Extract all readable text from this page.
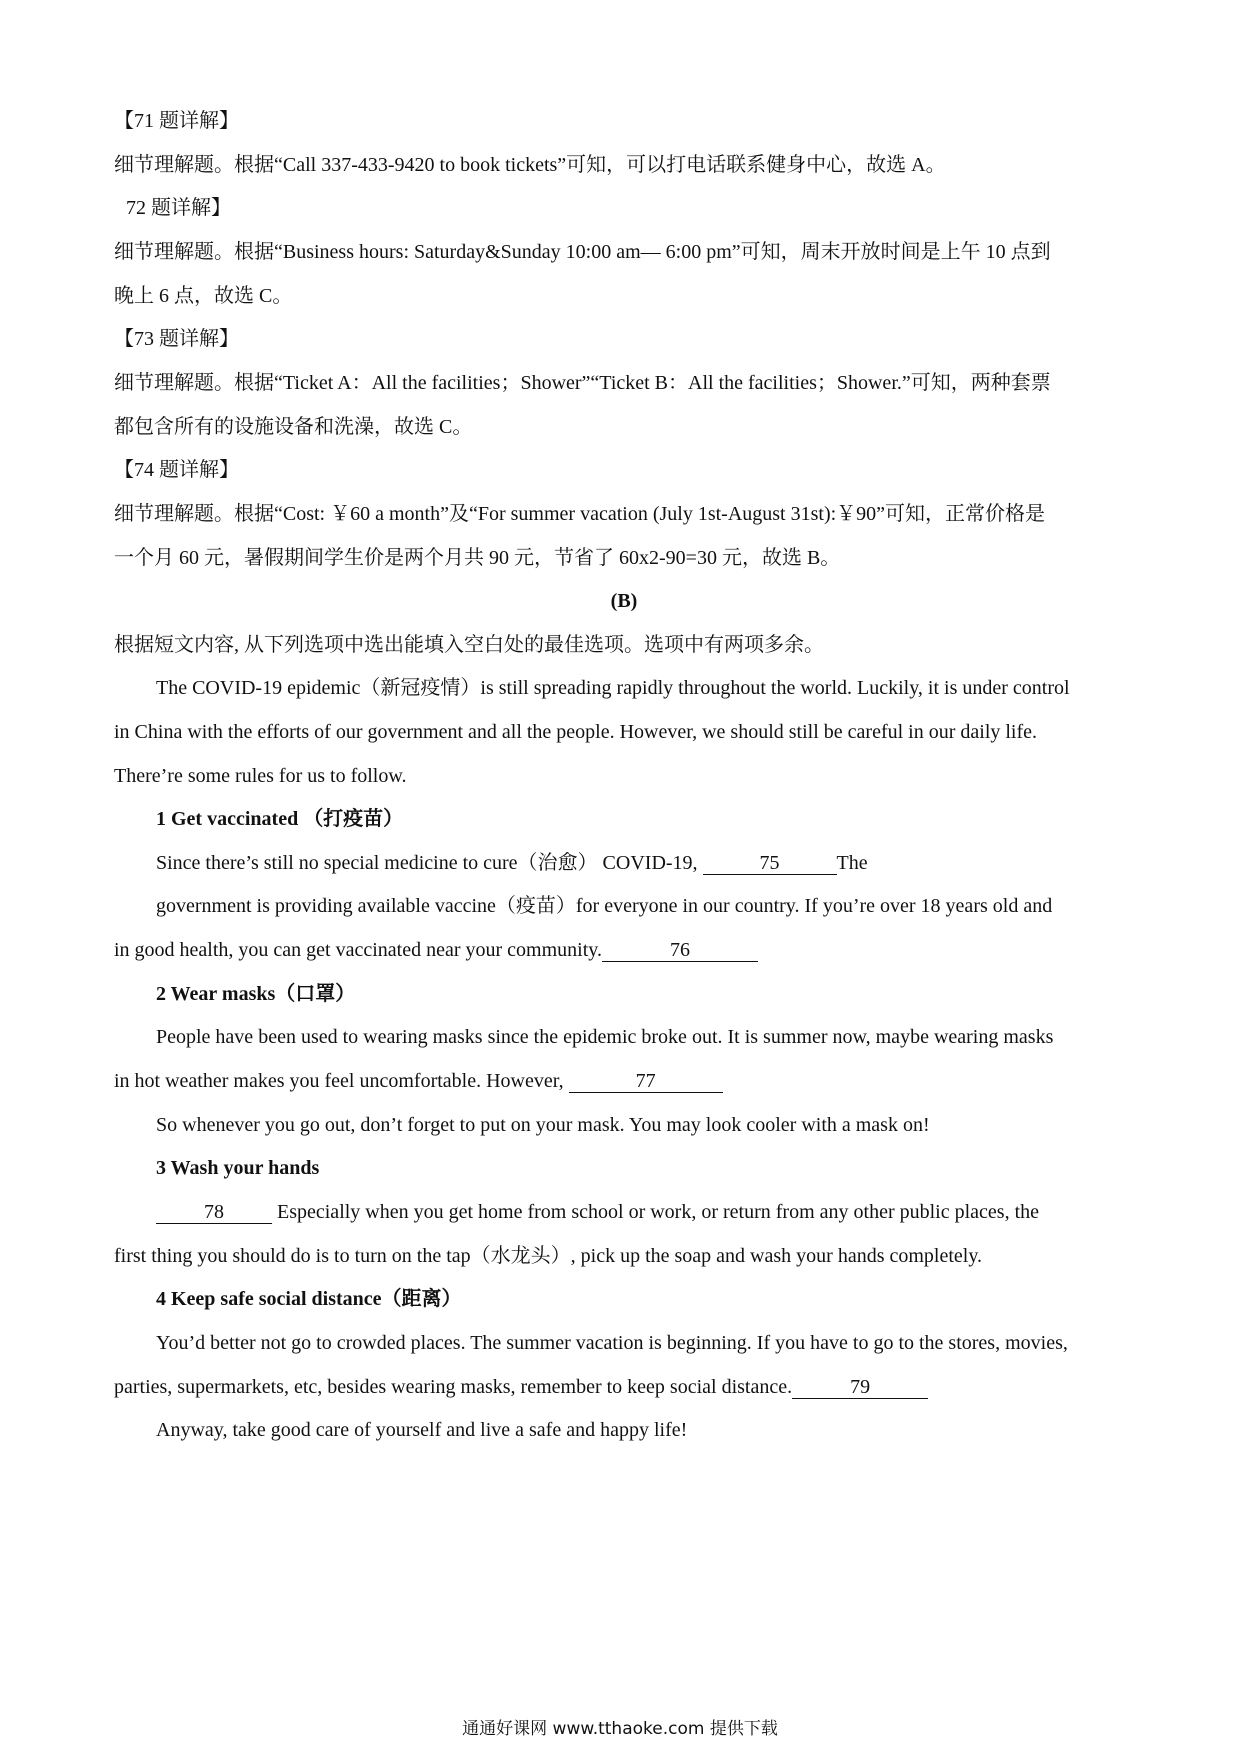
【71 题详解】
细节理解题。根据“Call 337-433-9420 to book tickets”可知，可以打电话联系健身中心，故选 A。
72 题详解】
细节理解题。根据“Business hours: Saturday&Sunday 10:00 am— 6:00 pm”可知，周末开放时间是上午 10 点到
晚上 6 点，故选 C。
【73 题详解】
细节理解题。根据“Ticket A：All the facilities；Shower”“Ticket B：All the facilities；Shower.”可知，两种套票
都包含所有的设施设备和洗澡，故选 C。
【74 题详解】
细节理解题。根据“Cost: ￥60 a month”及“For summer vacation (July 1st-August 31st):￥90”可知，正常价格是
一个月 60 元，暑假期间学生价是两个月共 90 元，节省了 60x2-90=30 元，故选 B。
(B)
根据短文内容, 从下列选项中选出能填入空白处的最佳选项。选项中有两项多余。
The COVID-19 epidemic（新冠疫情）is still spreading rapidly throughout the world. Luckily, it is under control
in China with the efforts of our government and all the people. However, we should still be careful in our daily life.
There’re some rules for us to follow.
1 Get vaccinated （打疫苗）
Since there’s still no special medicine to cure（治愈） COVID-19,	75	The
government is providing available vaccine（疫苗）for everyone in our country. If you’re over 18 years old and
in good health, you can get vaccinated near your community.	76
2 Wear masks（口罩）
People have been used to wearing masks since the epidemic broke out. It is summer now, maybe wearing masks
in hot weather makes you feel uncomfortable. However,	77
So whenever you go out, don’t forget to put on your mask. You may look cooler with a mask on!
3 Wash your hands
78 Especially when you get home from school or work, or return from any other public places, the
first thing you should do is to turn on the tap（水龙头）, pick up the soap and wash your hands completely.
4 Keep safe social distance（距离）
You’d better not go to crowded places. The summer vacation is beginning. If you have to go to the stores, movies,
parties, supermarkets, etc, besides wearing masks, remember to keep social distance.	79
Anyway, take good care of yourself and live a safe and happy life!
通通好课网 www.tthaoke.com 提供下载
